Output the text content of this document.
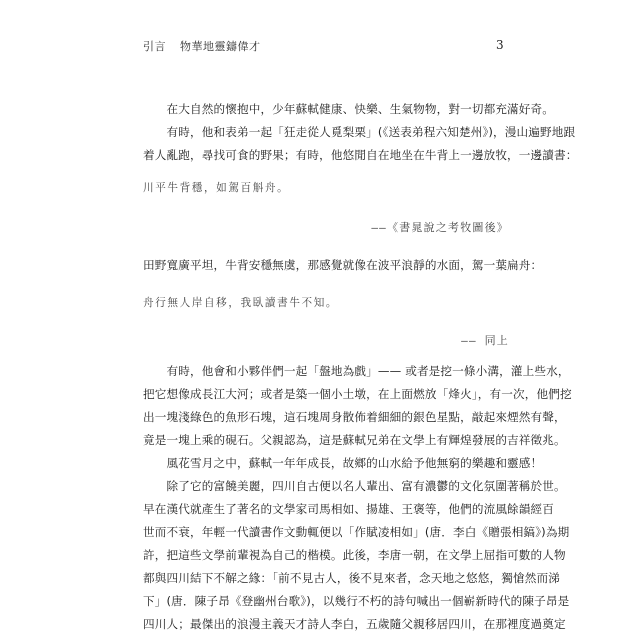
引言 物華地靈鑄偉才	3
　　在大自然的懷抱中，少年蘇軾健康、快樂、生氣物物，對一切都充滿好奇。
　　有時，他和表弟一起「狂走從人覓梨栗」(《送表弟程六知楚州》)，漫山遍野地跟
着人亂跑，尋找可食的野果；有時，他悠閒自在地坐在牛背上一邊放牧，一邊讀書：
川平牛背穩，如駕百斛舟。
——《書晁說之考牧圖後》
田野寬廣平坦，牛背安穩無虞，那感覺就像在波平浪靜的水面，駕一葉扁舟：
舟行無人岸自移，我臥讀書牛不知。
—— 同上
　　有時，他會和小夥伴們一起「盤地為戲」—— 或者是挖一條小溝，灌上些水，
把它想像成長江大河；或者是築一個小土墩，在上面燃放「烽火」，有一次，他們挖
出一塊淺綠色的魚形石塊，這石塊周身散佈着細細的銀色星點，敲起來煙然有聲，
竟是一塊上乘的硯石。父親認為，這是蘇軾兄弟在文學上有輝煌發展的吉祥徵兆。
　　風花雪月之中，蘇軾一年年成長，故鄉的山水給予他無窮的樂趣和靈感！
　　除了它的富饒美麗，四川自古便以名人輩出、富有濃鬱的文化氛圍著稱於世。
早在漢代就產生了著名的文學家司馬相如、揚雄、王褒等，他們的流風餘韻經百
世而不衰，年輕一代讀書作文動輒便以「作賦凌相如」(唐．李白《贈張相鎬》)為期
許，把這些文學前輩視為自己的楷模。此後，李唐一朝，在文學上屈指可數的人物
都與四川結下不解之緣：「前不見古人，後不見來者，念天地之悠悠，獨愴然而涕
下」(唐．陳子昂《登幽州台歌》)，以幾行不朽的詩句喊出一個嶄新時代的陳子昂是
四川人；最傑出的浪漫主義天才詩人李白，五歲隨父親移居四川，在那裡度過奠定
